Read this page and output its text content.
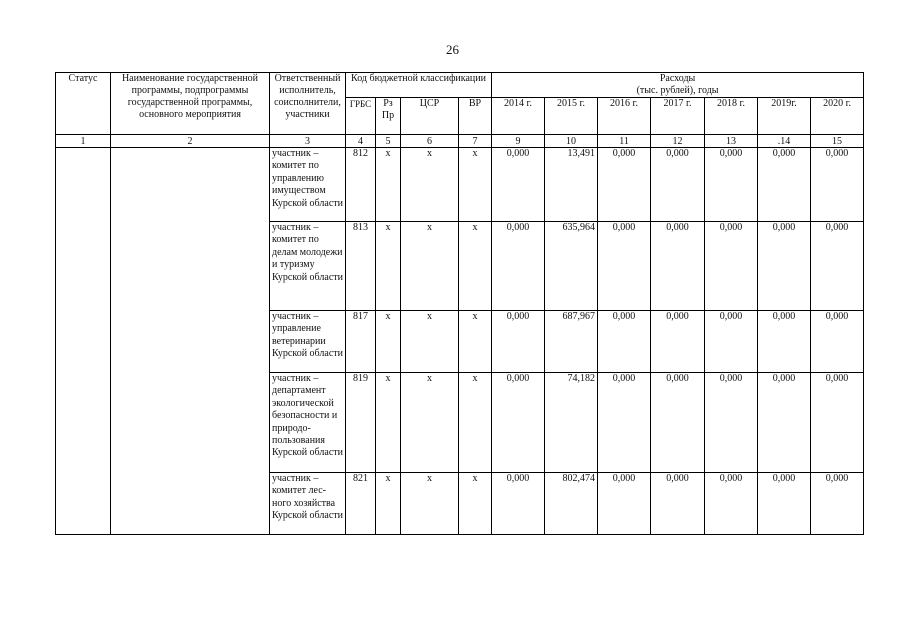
26
Статус	Наименование государственной программы, подпрограммы государственной программы, основного мероприятия	Ответственный исполнитель, соисполнители, участники	Код бюджетной классификации				Расходы
(тыс. рублей), годы						

			ГРБС	Рз Пр	ЦСР	ВР	2014 г.	2015 г.	2016 г.	2017 г.	2018 г.	2019г.	2020 г.
1	2	3	4	5	6	7	9	10	11	12	13	.14	15
		участник – комитет по управлению имуществом Курской области	812	х	х	х	0,000	13,491	0,000	0,000	0,000	0,000	0,000
		участник – комитет по делам молодежи и туризму Курской области	813	х	х	х	0,000	635,964	0,000	0,000	0,000	0,000	0,000
		участник – управление ветеринарии Курской области	817	х	х	х	0,000	687,967	0,000	0,000	0,000	0,000	0,000
		участник – департамент экологической безопасности и природо-пользования Курской области	819	х	х	х	0,000	74,182	0,000	0,000	0,000	0,000	0,000
		участник – комитет лес-ного хозяйства Курской области	821	х	х	х	0,000	802,474	0,000	0,000	0,000	0,000	0,000
